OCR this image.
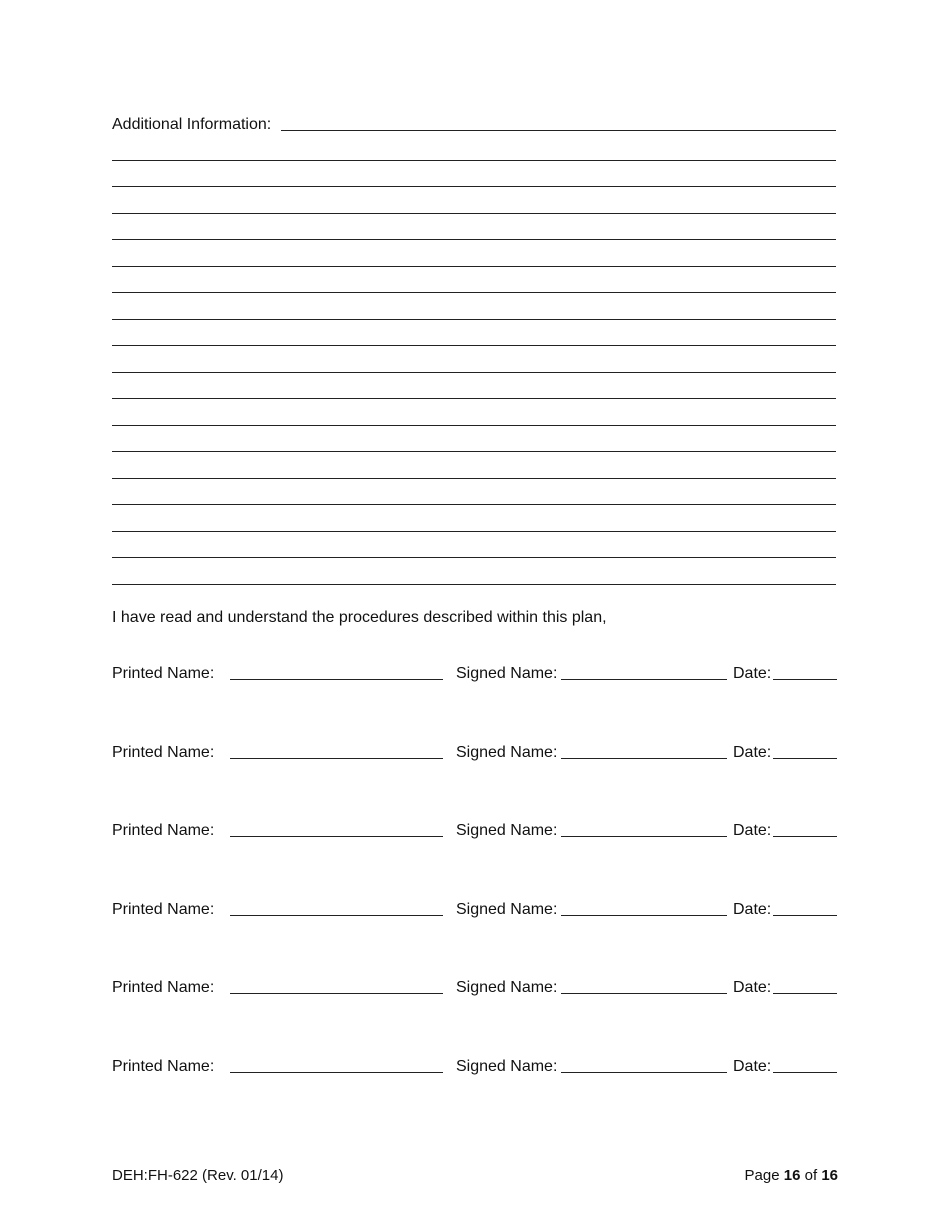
Additional Information:
I have read and understand the procedures described within this plan,
Printed Name:	Signed Name:	Date:
Printed Name:	Signed Name:	Date:
Printed Name:	Signed Name:	Date:
Printed Name:	Signed Name:	Date:
Printed Name:	Signed Name:	Date:
Printed Name:	Signed Name:	Date:
DEH:FH-622 (Rev. 01/14)	Page 16 of 16
